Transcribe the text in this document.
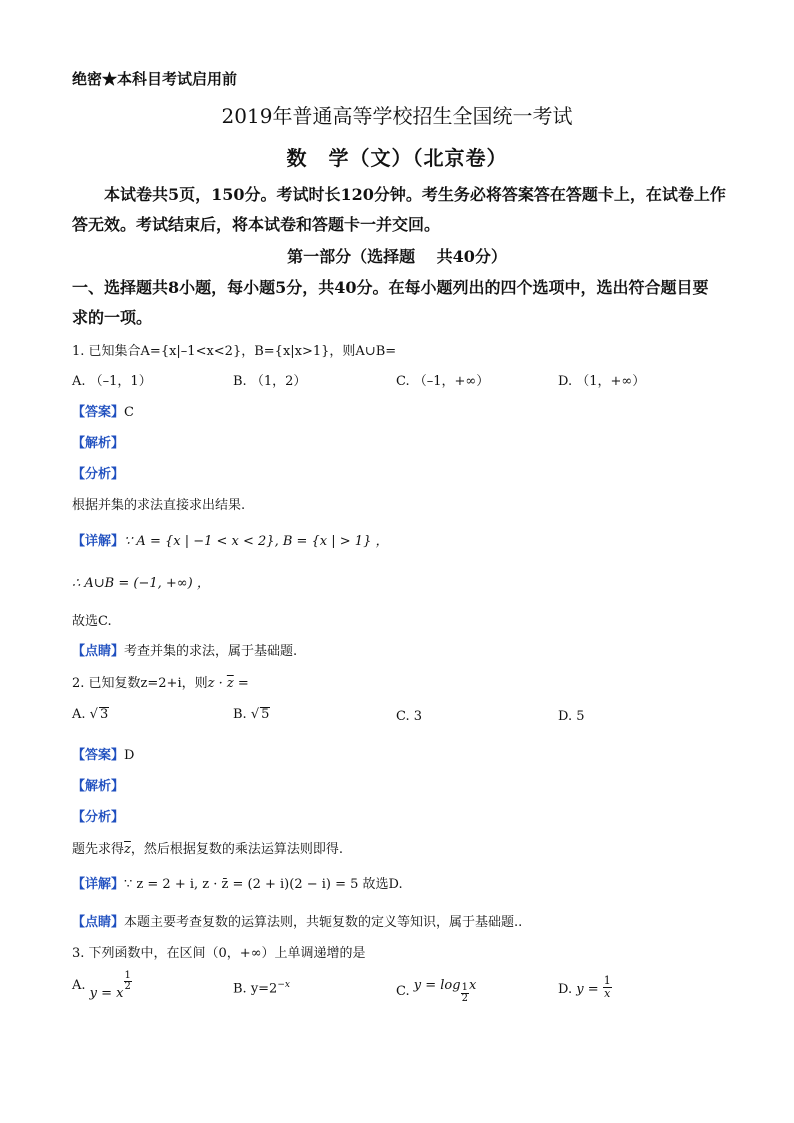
绝密★本科目考试启用前
2019年普通高等学校招生全国统一考试
数　学（文）（北京卷）
本试卷共5页，150分。考试时长120分钟。考生务必将答案答在答题卡上，在试卷上作
答无效。考试结束后，将本试卷和答题卡一并交回。
第一部分（选择题　 共40分）
一、选择题共8小题，每小题5分，共40分。在每小题列出的四个选项中，选出符合题目要
求的一项。
1. 已知集合A={x|–1<x<2}，B={x|x>1}，则A∪B=
A. （–1，1）	B. （1，2）	C. （–1，+∞）	D. （1，+∞）
【答案】C
【解析】
【分析】
根据并集的求法直接求出结果.
【详解】∵ A = {x | −1 < x < 2}, B = {x | > 1} ，
∴ A∪B = (−1, +∞) ，
故选C.
【点睛】考查并集的求法，属于基础题.
2. 已知复数z=2+i，则$z \cdot \overline{z}$ =
A. √ 3	B. √ 5	C. 3	D. 5
【答案】D
【解析】
【分析】
题先求得$\overline{z}$，然后根据复数的乘法运算法则即得.
【详解】∵ z = 2 + i, z · z̄ = (2 + i)(2 − i) = 5 故选D.
【点睛】本题主要考查复数的运算法则，共轭复数的定义等知识，属于基础题..
3. 下列函数中，在区间（0，+∞）上单调递增的是
A. y = x
$\frac{1}{2}$	B. $y=2^{-x}$	C. $y = \log \frac{1}{2}$ x	D. $y = \frac{1}{x}$
